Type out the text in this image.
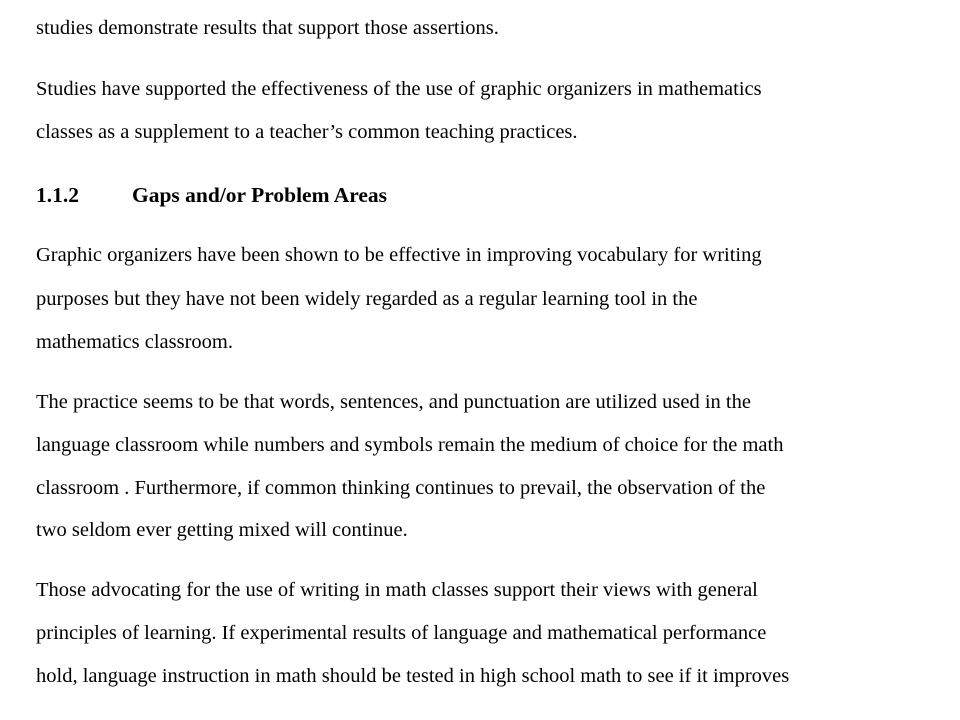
studies demonstrate results that support those assertions.
Studies have supported the effectiveness of the use of graphic organizers in mathematics
classes as a supplement to a teacher’s common teaching practices.
1.1.2 Gaps and/or Problem Areas
Graphic organizers have been shown to be effective in improving vocabulary for writing
purposes but they have not been widely regarded as a regular learning tool in the
mathematics classroom.
The practice seems to be that words, sentences, and punctuation are utilized used in the
language classroom while numbers and symbols remain the medium of choice for the math
classroom . Furthermore, if common thinking continues to prevail, the observation of the
two seldom ever getting mixed will continue.
Those advocating for the use of writing in math classes support their views with general
principles of learning. If experimental results of language and mathematical performance
hold, language instruction in math should be tested in high school math to see if it improves
